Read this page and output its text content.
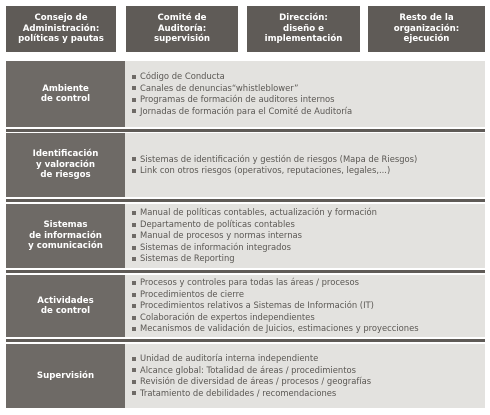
Consejo de
Administración:
políticas y pautas
Comité de
Auditoría:
supervisión
Dirección:
diseño e
implementación
Resto de la
organización:
ejecución
Ambiente
de control
Código de Conducta
Canales de denuncias“whistleblower”
Programas de formación de auditores internos
Jornadas de formación para el Comité de Auditoría
Identificación
y valoración
de riesgos
Sistemas de identificación y gestión de riesgos (Mapa de Riesgos)
Link con otros riesgos (operativos, reputaciones, legales,...)
Sistemas
de información
y comunicación
Manual de políticas contables, actualización y formación
Departamento de políticas contables
Manual de procesos y normas internas
Sistemas de información integrados
Sistemas de Reporting
Actividades
de control
Procesos y controles para todas las áreas / procesos
Procedimientos de cierre
Procedimientos relativos a Sistemas de Información (IT)
Colaboración de expertos independientes
Mecanismos de validación de Juicios, estimaciones y proyecciones
Supervisión
Unidad de auditoría interna independiente
Alcance global: Totalidad de áreas / procedimientos
Revisión de diversidad de áreas / procesos / geografías
Tratamiento de debilidades / recomendaciones
